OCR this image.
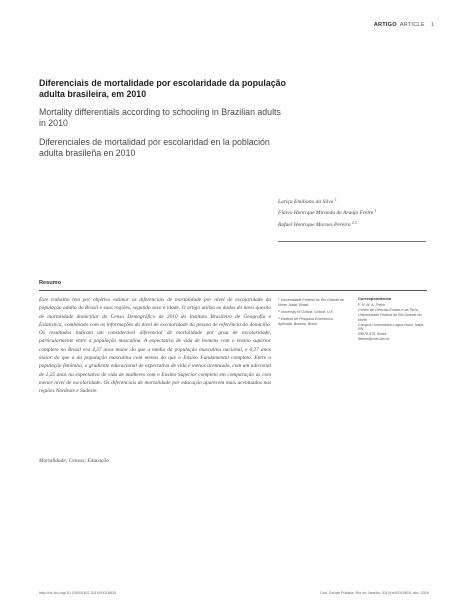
ARTIGO ARTICLE 1
Diferenciais de mortalidade por escolaridade da população adulta brasileira, em 2010

Mortality differentials according to schooling in Brazilian adults in 2010

Diferenciales de mortalidad por escolaridad en la población adulta brasileña en 2010

Lariça Emiliano da Silva $^1$
Flávio Henrique Miranda de Araújo Freire $^1$
Rafael Henrique Moraes Pereira $^{2,3}$
Resumo

Este trabalho tem por objetivo estimar os diferenciais de mortalidade por nível de escolaridade da população adulta do Brasil e suas regiões, segundo sexo e idade. O artigo utiliza os dados do novo quesito de mortalidade domiciliar do Censo Demográfico de 2010 do Instituto Brasileiro de Geografia e Estatística, combinado com as informações do nível de escolaridade da pessoa de referência do domicílio. Os resultados indicam um considerável diferencial de mortalidade por grau de escolaridade, particularmente entre a população masculina. A expectativa de vida de homens com o ensino superior completo no Brasil era 4,37 anos maior do que a média da população masculina nacional, e 6,27 anos maior do que a da população masculina com menos do que o Ensino Fundamental completo. Entre a população feminina, o gradiente educacional de expectativa de vida é menos acentuado, com um adicional de 2,25 anos na expectativa de vida de mulheres com o Ensino Superior completo em comparação às com menor nível de escolaridade. Os diferenciais de mortalidade por educação aparecem mais acentuados nas regiões Nordeste e Sudeste.

Mortalidade; Censos; Educação

$^1$ Universidade Federal do Rio Grande do Norte, Natal, Brasil.

$^2$ University of Oxford, Oxford, U.K.

$^3$ Instituto de Pesquisa Econômica Aplicada, Brasília, Brasil.

Correspondência
F. H. M. A. Freire
Centro de Ciências Exatas e da Terra, Universidade Federal do Rio Grande do Norte.
Campus Universitário Lagoa Nova, Natal, RN
59078-970, Brasil.
flfreire@ccet.ufrn.br
http://dx.doi.org/10.1590/0102-311X00019815	Cad. Saúde Pública, Rio de Janeiro, 32(4):e00019815, abr, 2016
